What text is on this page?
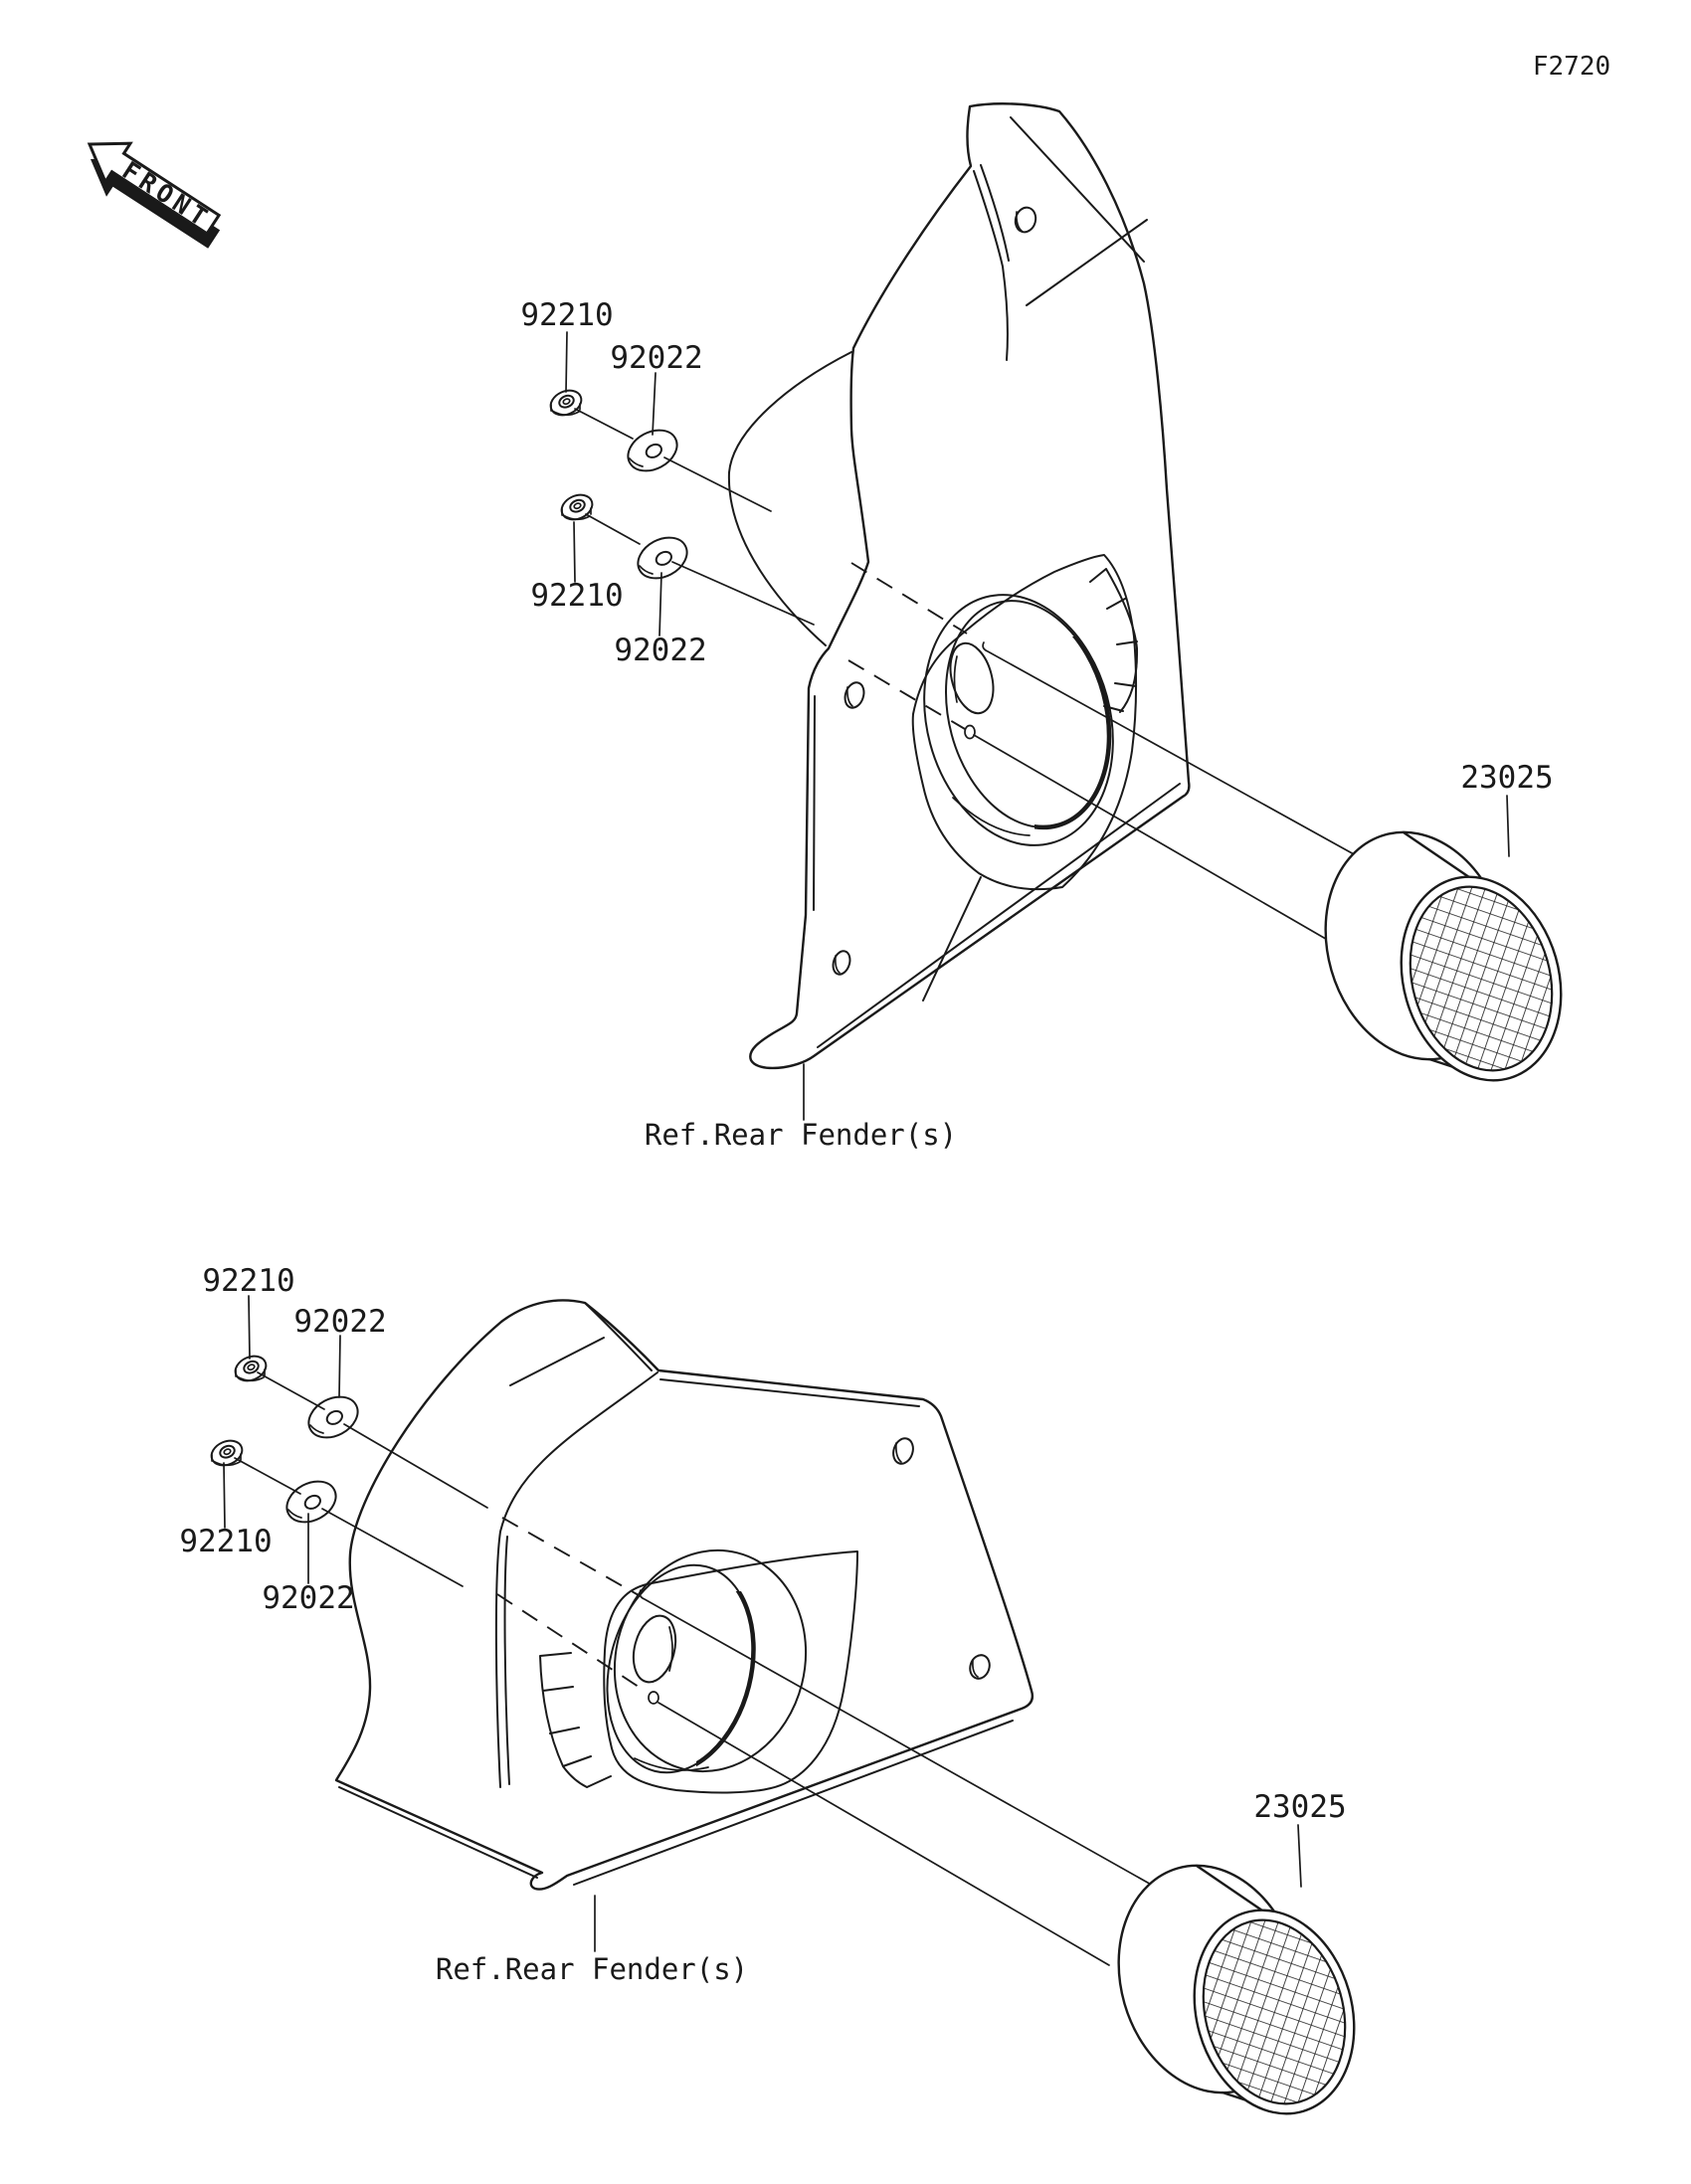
F2720
FRONT
92210
92022
92210
92022
23025
Ref.Rear Fender(s)
92210
92022
92210
92022
23025
Ref.Rear Fender(s)
